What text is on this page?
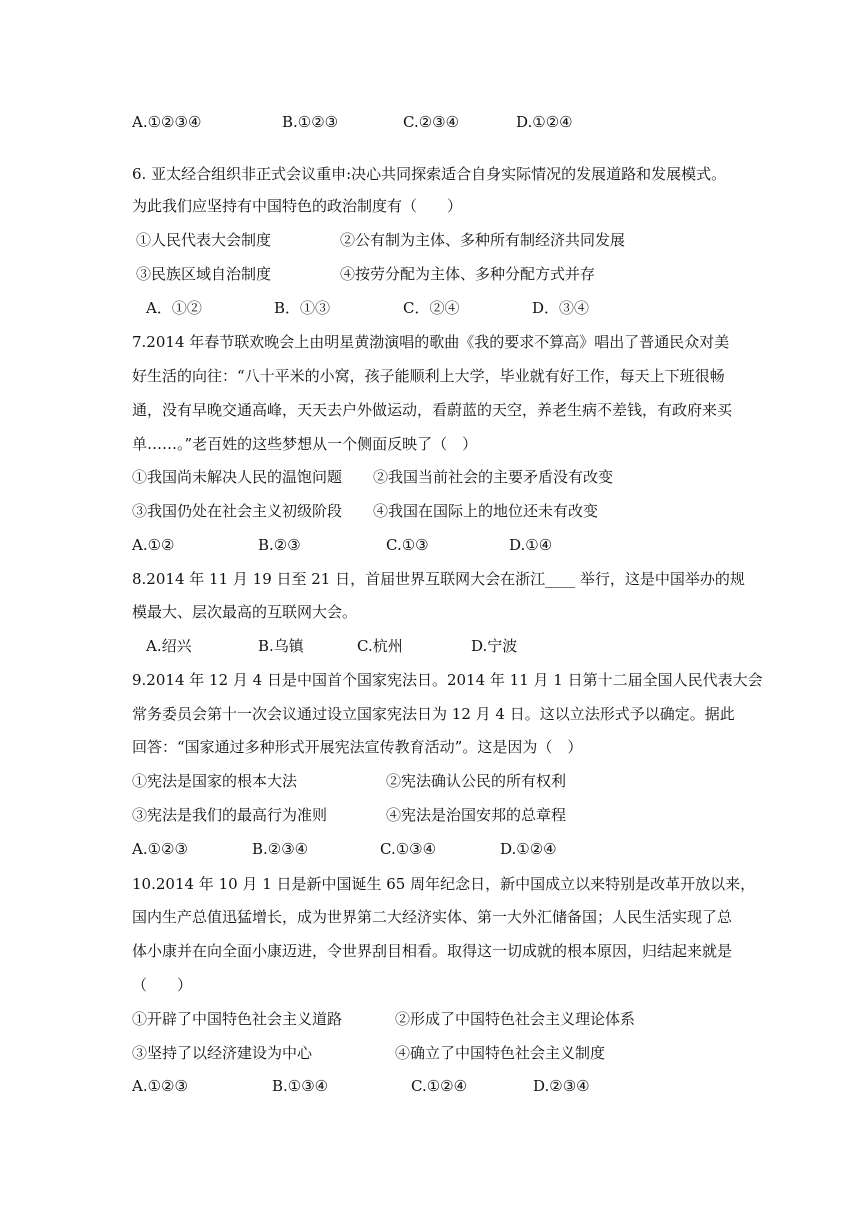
A.①②③④	B.①②③	C.②③④	D.①②④
6. 亚太经合组织非正式会议重申:决心共同探索适合自身实际情况的发展道路和发展模式。
为此我们应坚持有中国特色的政治制度有（　　）
①人民代表大会制度	②公有制为主体、多种所有制经济共同发展
③民族区域自治制度	④按劳分配为主体、多种分配方式并存
A．①②	B．①③	C．②④	D．③④
7.2014 年春节联欢晚会上由明星黄渤演唱的歌曲《我的要求不算高》唱出了普通民众对美
好生活的向往：“八十平米的小窝，孩子能顺利上大学，毕业就有好工作，每天上下班很畅
通，没有早晚交通高峰，天天去户外做运动，看蔚蓝的天空，养老生病不差钱，有政府来买
单……。”老百姓的这些梦想从一个侧面反映了（　）
①我国尚未解决人民的温饱问题 ②我国当前社会的主要矛盾没有改变
③我国仍处在社会主义初级阶段 ④我国在国际上的地位还未有改变
A.①②	B.②③	C.①③	D.①④
8.2014 年 11 月 19 日至 21 日，首届世界互联网大会在浙江____ 举行，这是中国举办的规
模最大、层次最高的互联网大会。
A.绍兴	B.乌镇	C.杭州	D.宁波
9.2014 年 12 月 4 日是中国首个国家宪法日。2014 年 11 月 1 日第十二届全国人民代表大会
常务委员会第十一次会议通过设立国家宪法日为 12 月 4 日。这以立法形式予以确定。据此
回答：“国家通过多种形式开展宪法宣传教育活动”。这是因为（　）
①宪法是国家的根本大法	②宪法确认公民的所有权利
③宪法是我们的最高行为准则	④宪法是治国安邦的总章程
A.①②③	B.②③④	C.①③④	D.①②④
10.2014 年 10 月 1 日是新中国诞生 65 周年纪念日，新中国成立以来特别是改革开放以来，
国内生产总值迅猛增长，成为世界第二大经济实体、第一大外汇储备国；人民生活实现了总
体小康并在向全面小康迈进，令世界刮目相看。取得这一切成就的根本原因，归结起来就是
（　　）
①开辟了中国特色社会主义道路	②形成了中国特色社会主义理论体系
③坚持了以经济建设为中心	④确立了中国特色社会主义制度
A.①②③	B.①③④	C.①②④	D.②③④
